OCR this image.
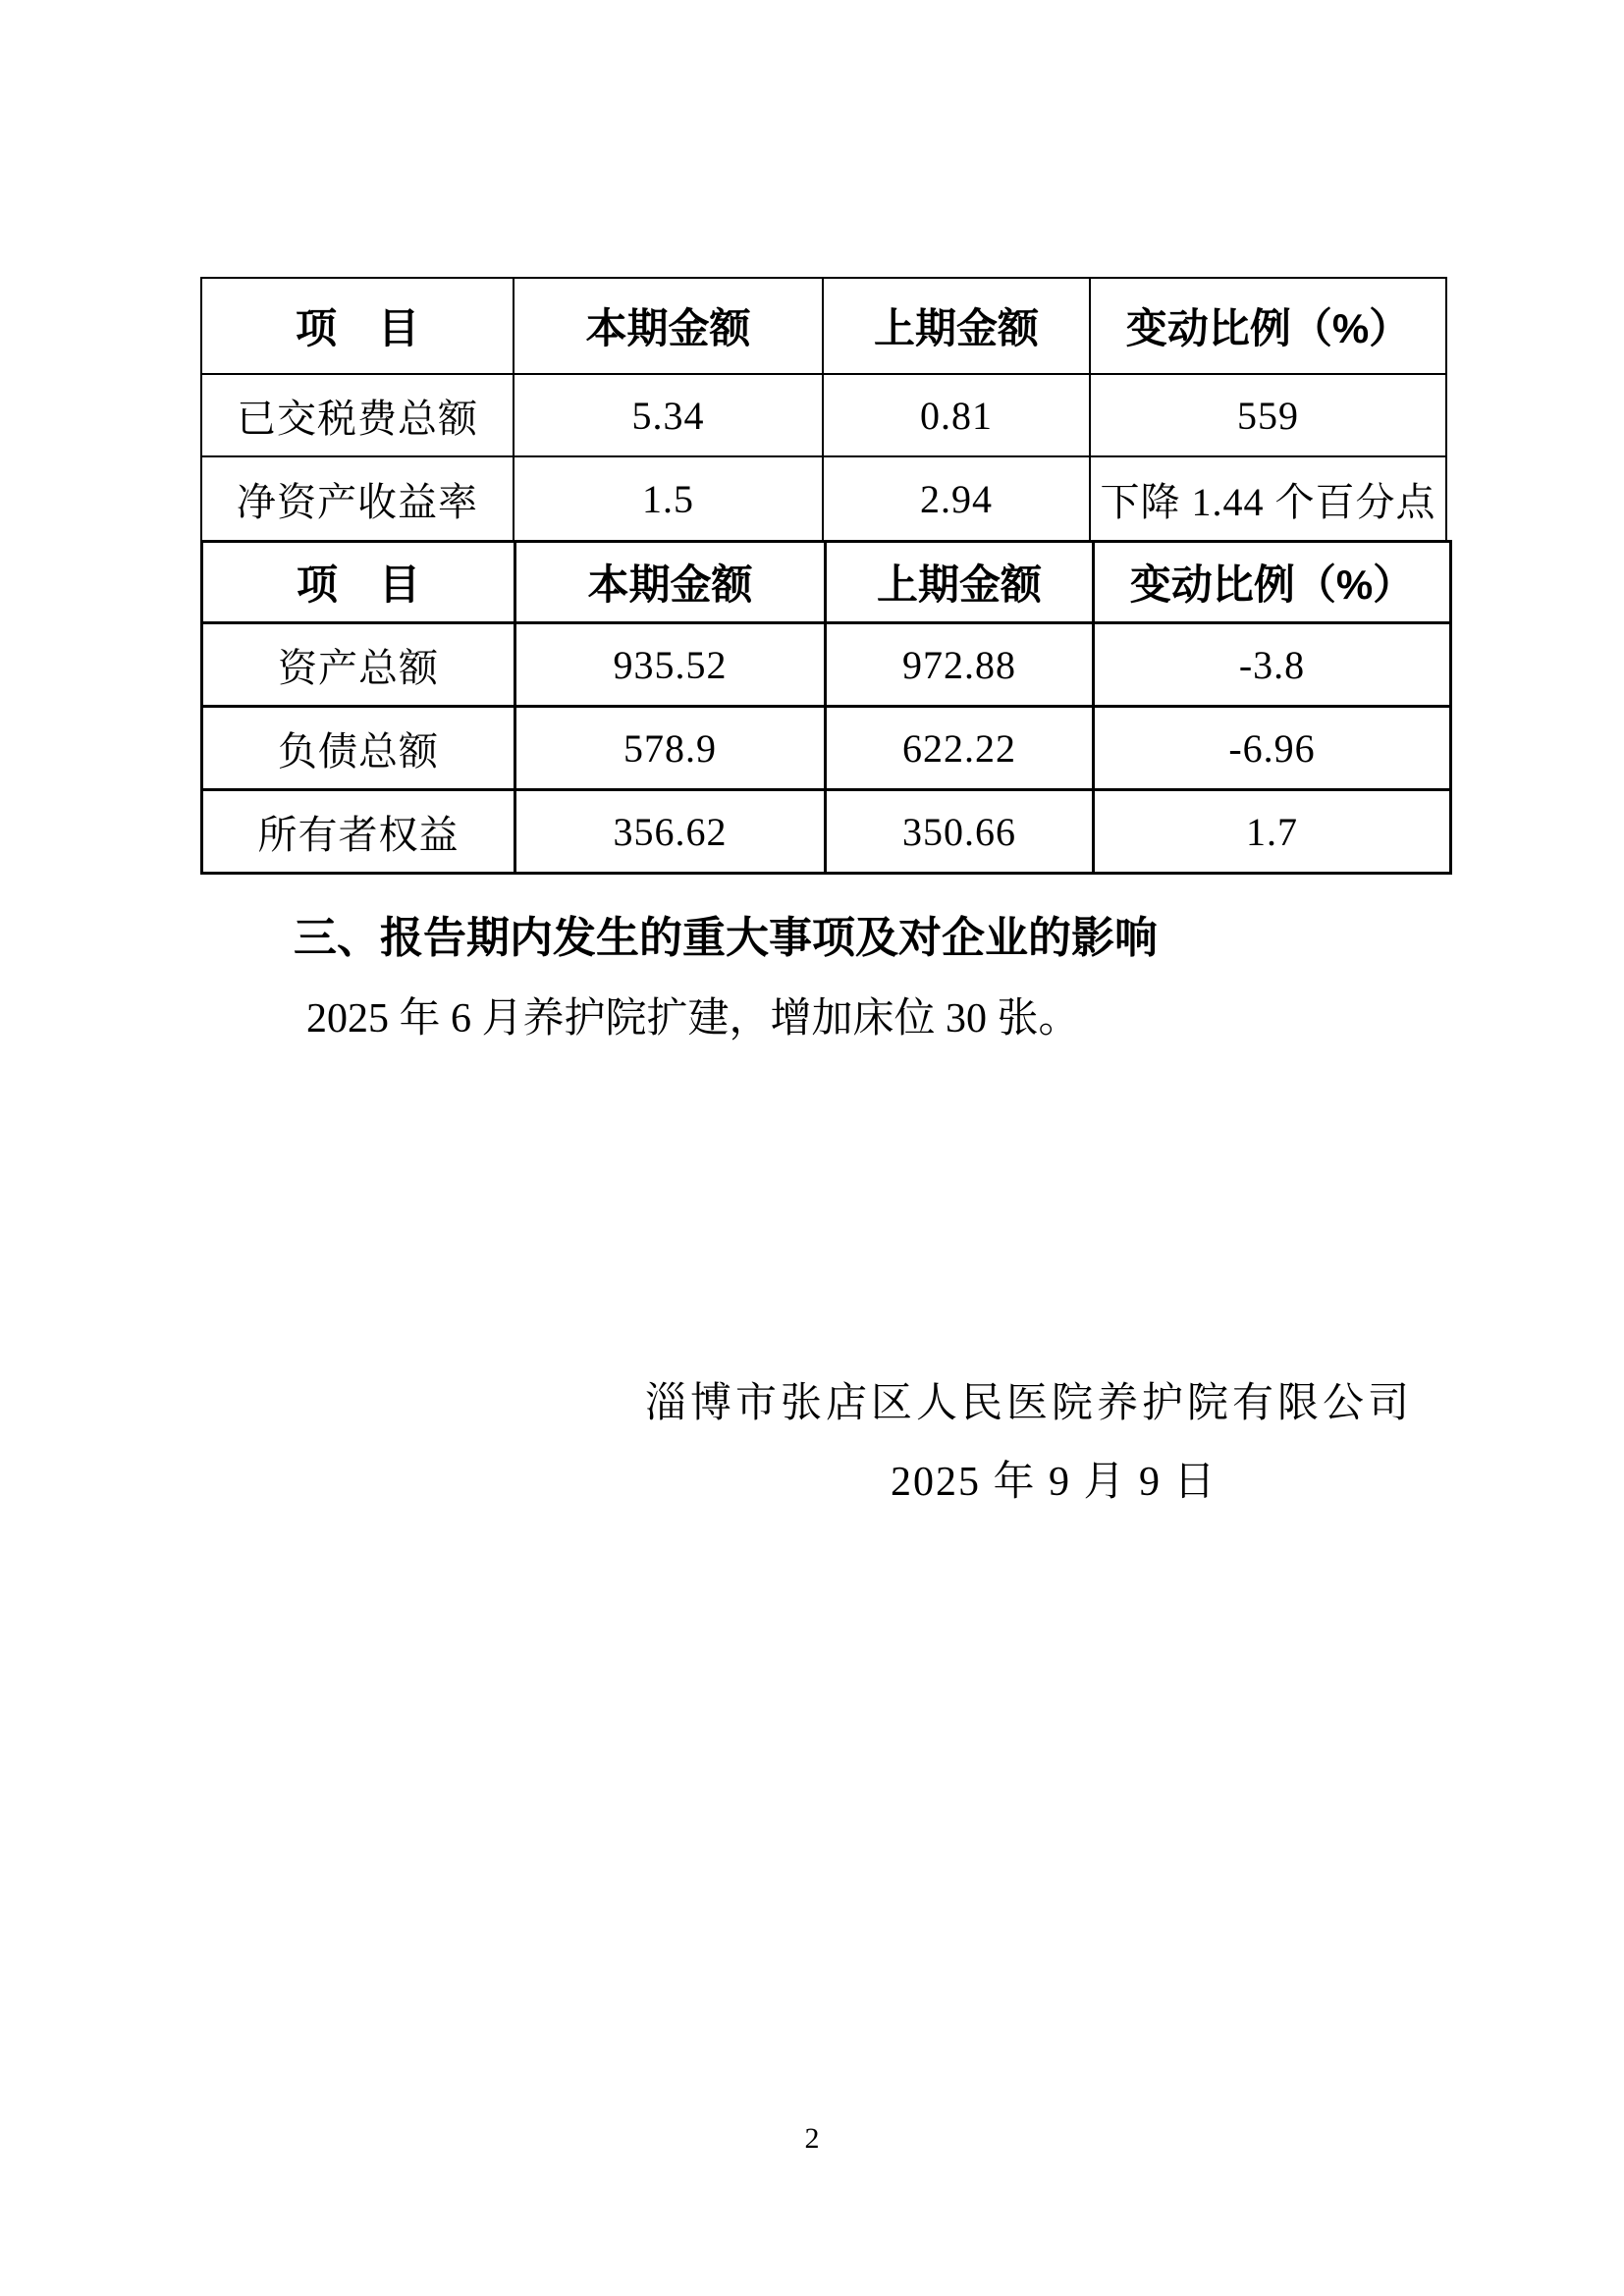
项　目	本期金额	上期金额	变动比例（%）
已交税费总额	5.34	0.81	559
净资产收益率	1.5	2.94	下降 1.44 个百分点
项　目	本期金额	上期金额	变动比例（%）
资产总额	935.52	972.88	-3.8
负债总额	578.9	622.22	-6.96
所有者权益	356.62	350.66	1.7
三、报告期内发生的重大事项及对企业的影响
2025 年 6 月养护院扩建，增加床位 30 张。
淄博市张店区人民医院养护院有限公司
2025 年 9 月 9 日
2
